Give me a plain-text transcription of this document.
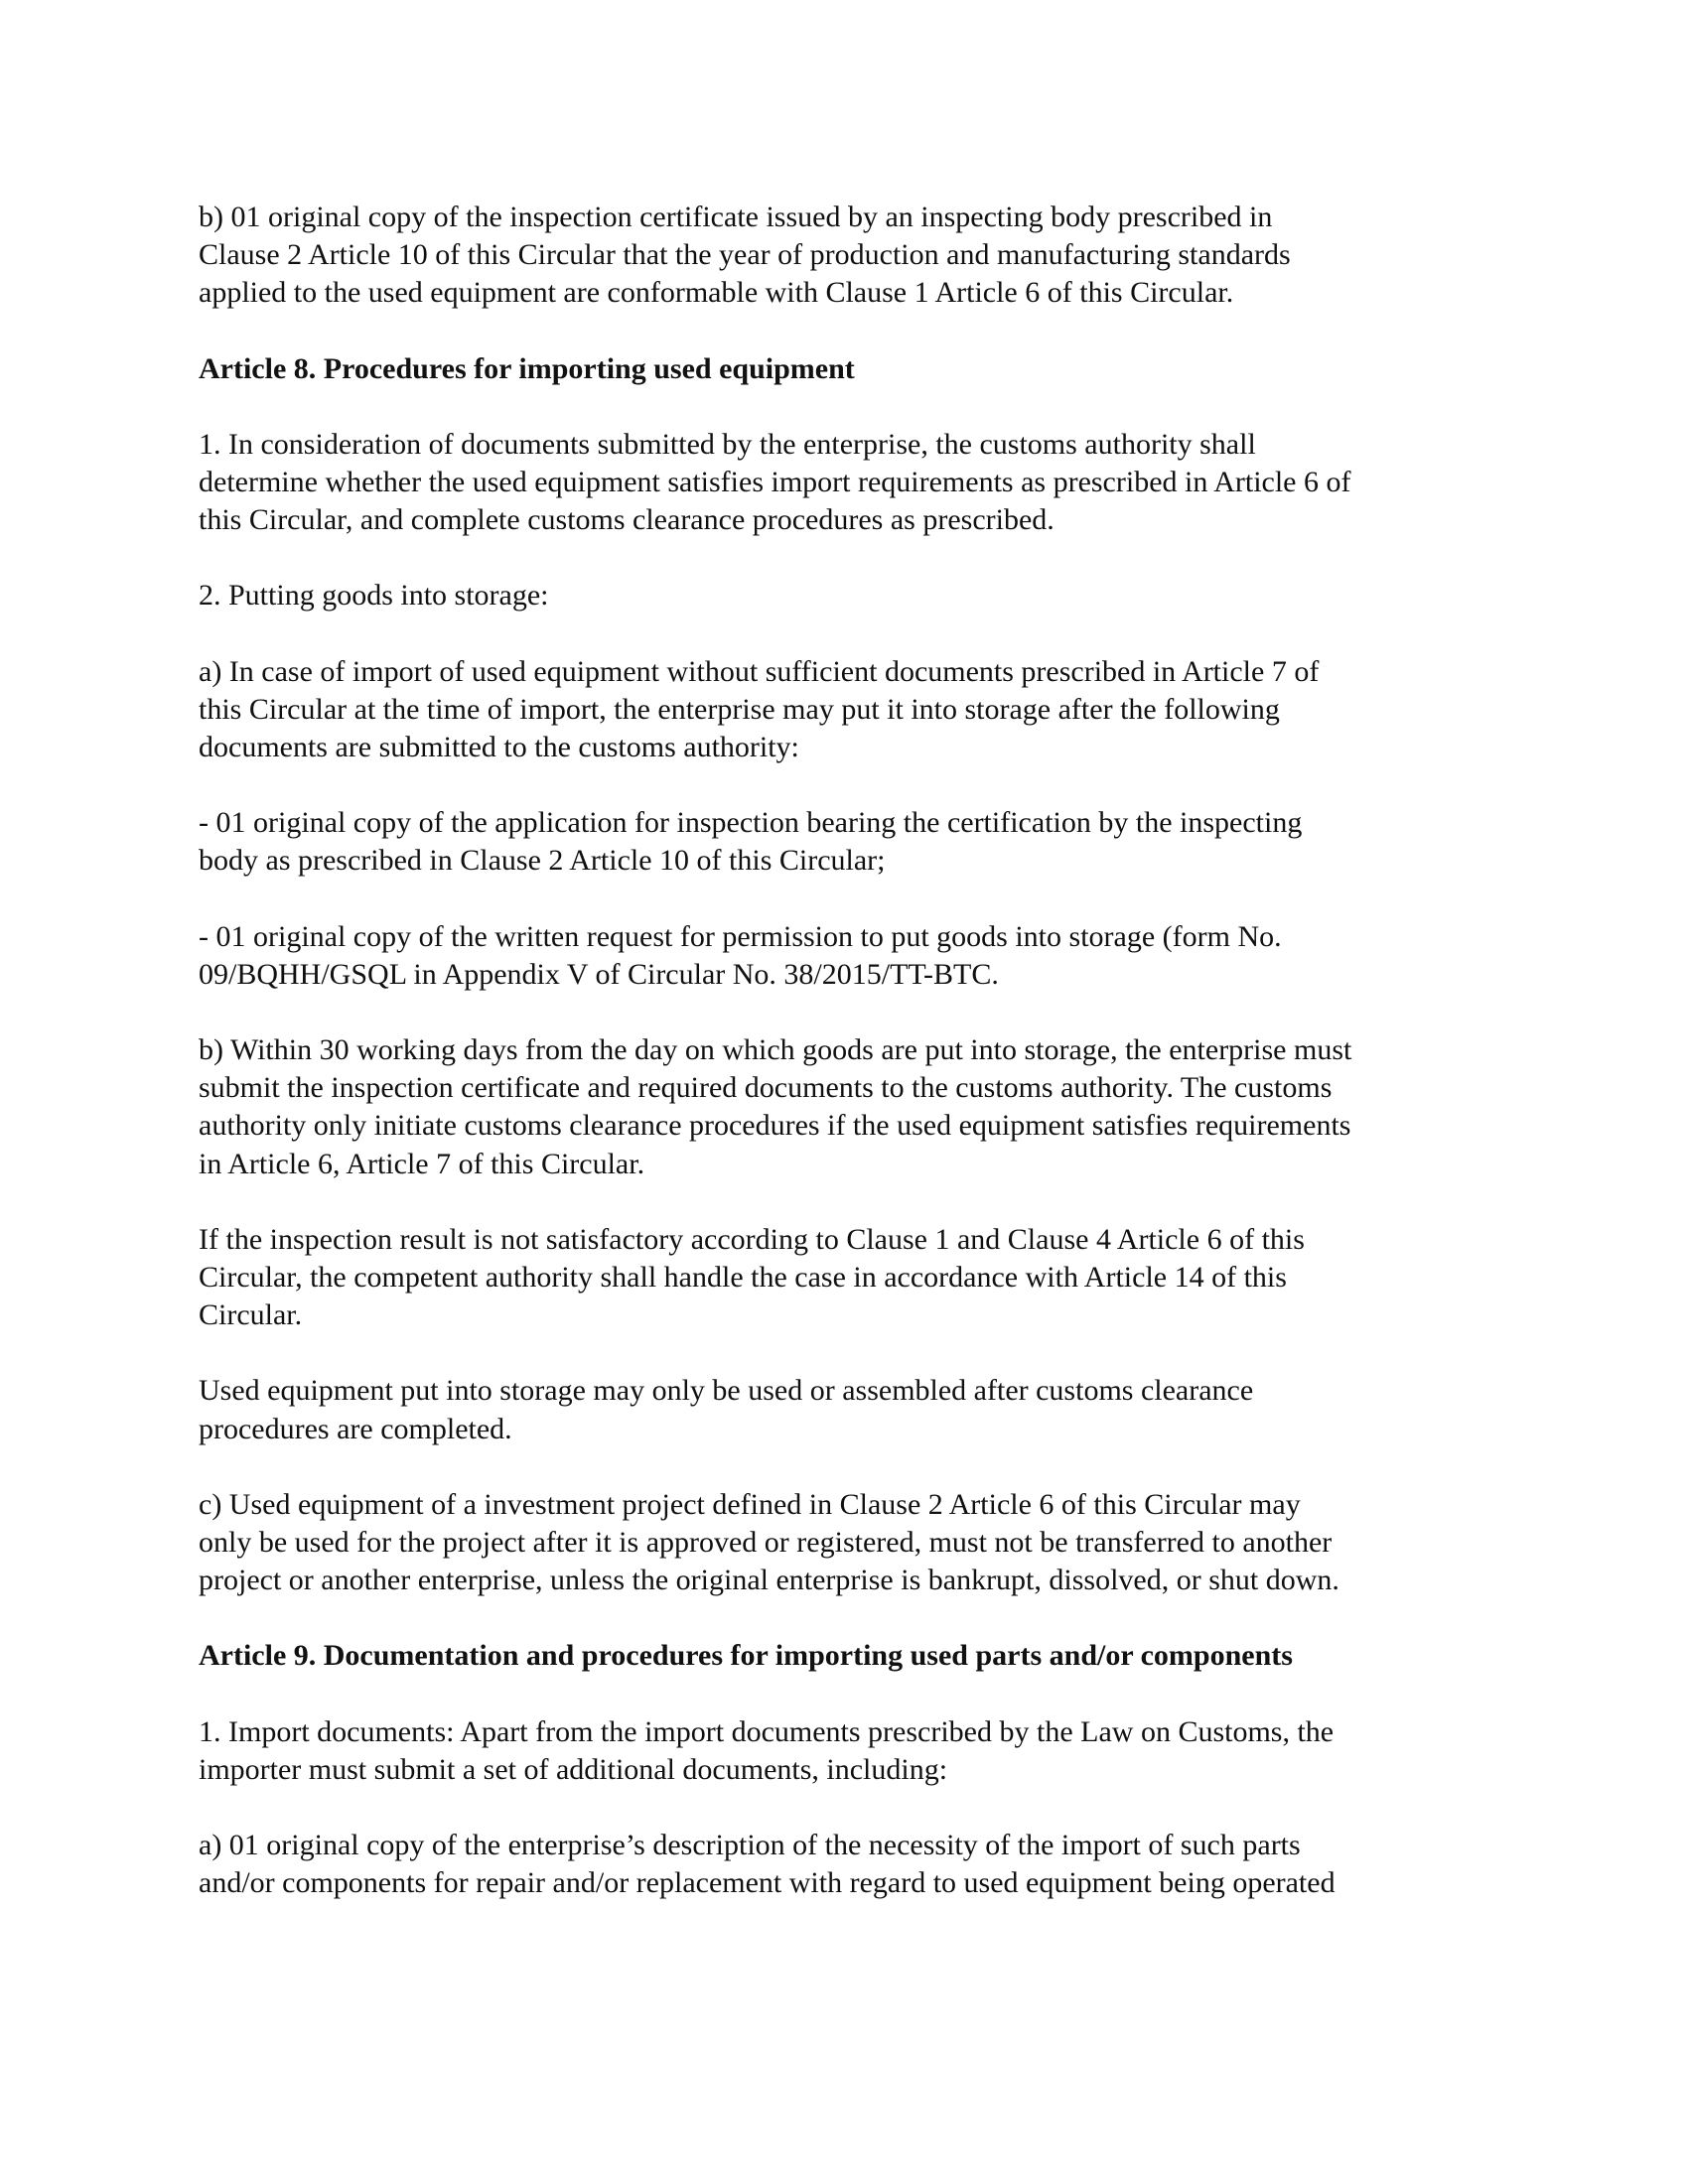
b) 01 original copy of the inspection certificate issued by an inspecting body prescribed in
Clause 2 Article 10 of this Circular that the year of production and manufacturing standards
applied to the used equipment are conformable with Clause 1 Article 6 of this Circular.

Article 8. Procedures for importing used equipment

1. In consideration of documents submitted by the enterprise, the customs authority shall
determine whether the used equipment satisfies import requirements as prescribed in Article 6 of
this Circular, and complete customs clearance procedures as prescribed.

2. Putting goods into storage:

a) In case of import of used equipment without sufficient documents prescribed in Article 7 of
this Circular at the time of import, the enterprise may put it into storage after the following
documents are submitted to the customs authority:

- 01 original copy of the application for inspection bearing the certification by the inspecting
body as prescribed in Clause 2 Article 10 of this Circular;

- 01 original copy of the written request for permission to put goods into storage (form No.
09/BQHH/GSQL in Appendix V of Circular No. 38/2015/TT-BTC.

b) Within 30 working days from the day on which goods are put into storage, the enterprise must
submit the inspection certificate and required documents to the customs authority. The customs
authority only initiate customs clearance procedures if the used equipment satisfies requirements
in Article 6, Article 7 of this Circular.

If the inspection result is not satisfactory according to Clause 1 and Clause 4 Article 6 of this
Circular, the competent authority shall handle the case in accordance with Article 14 of this
Circular.

Used equipment put into storage may only be used or assembled after customs clearance
procedures are completed.

c) Used equipment of a investment project defined in Clause 2 Article 6 of this Circular may
only be used for the project after it is approved or registered, must not be transferred to another
project or another enterprise, unless the original enterprise is bankrupt, dissolved, or shut down.

Article 9. Documentation and procedures for importing used parts and/or components

1. Import documents: Apart from the import documents prescribed by the Law on Customs, the
importer must submit a set of additional documents, including:

a) 01 original copy of the enterprise’s description of the necessity of the import of such parts
and/or components for repair and/or replacement with regard to used equipment being operated
